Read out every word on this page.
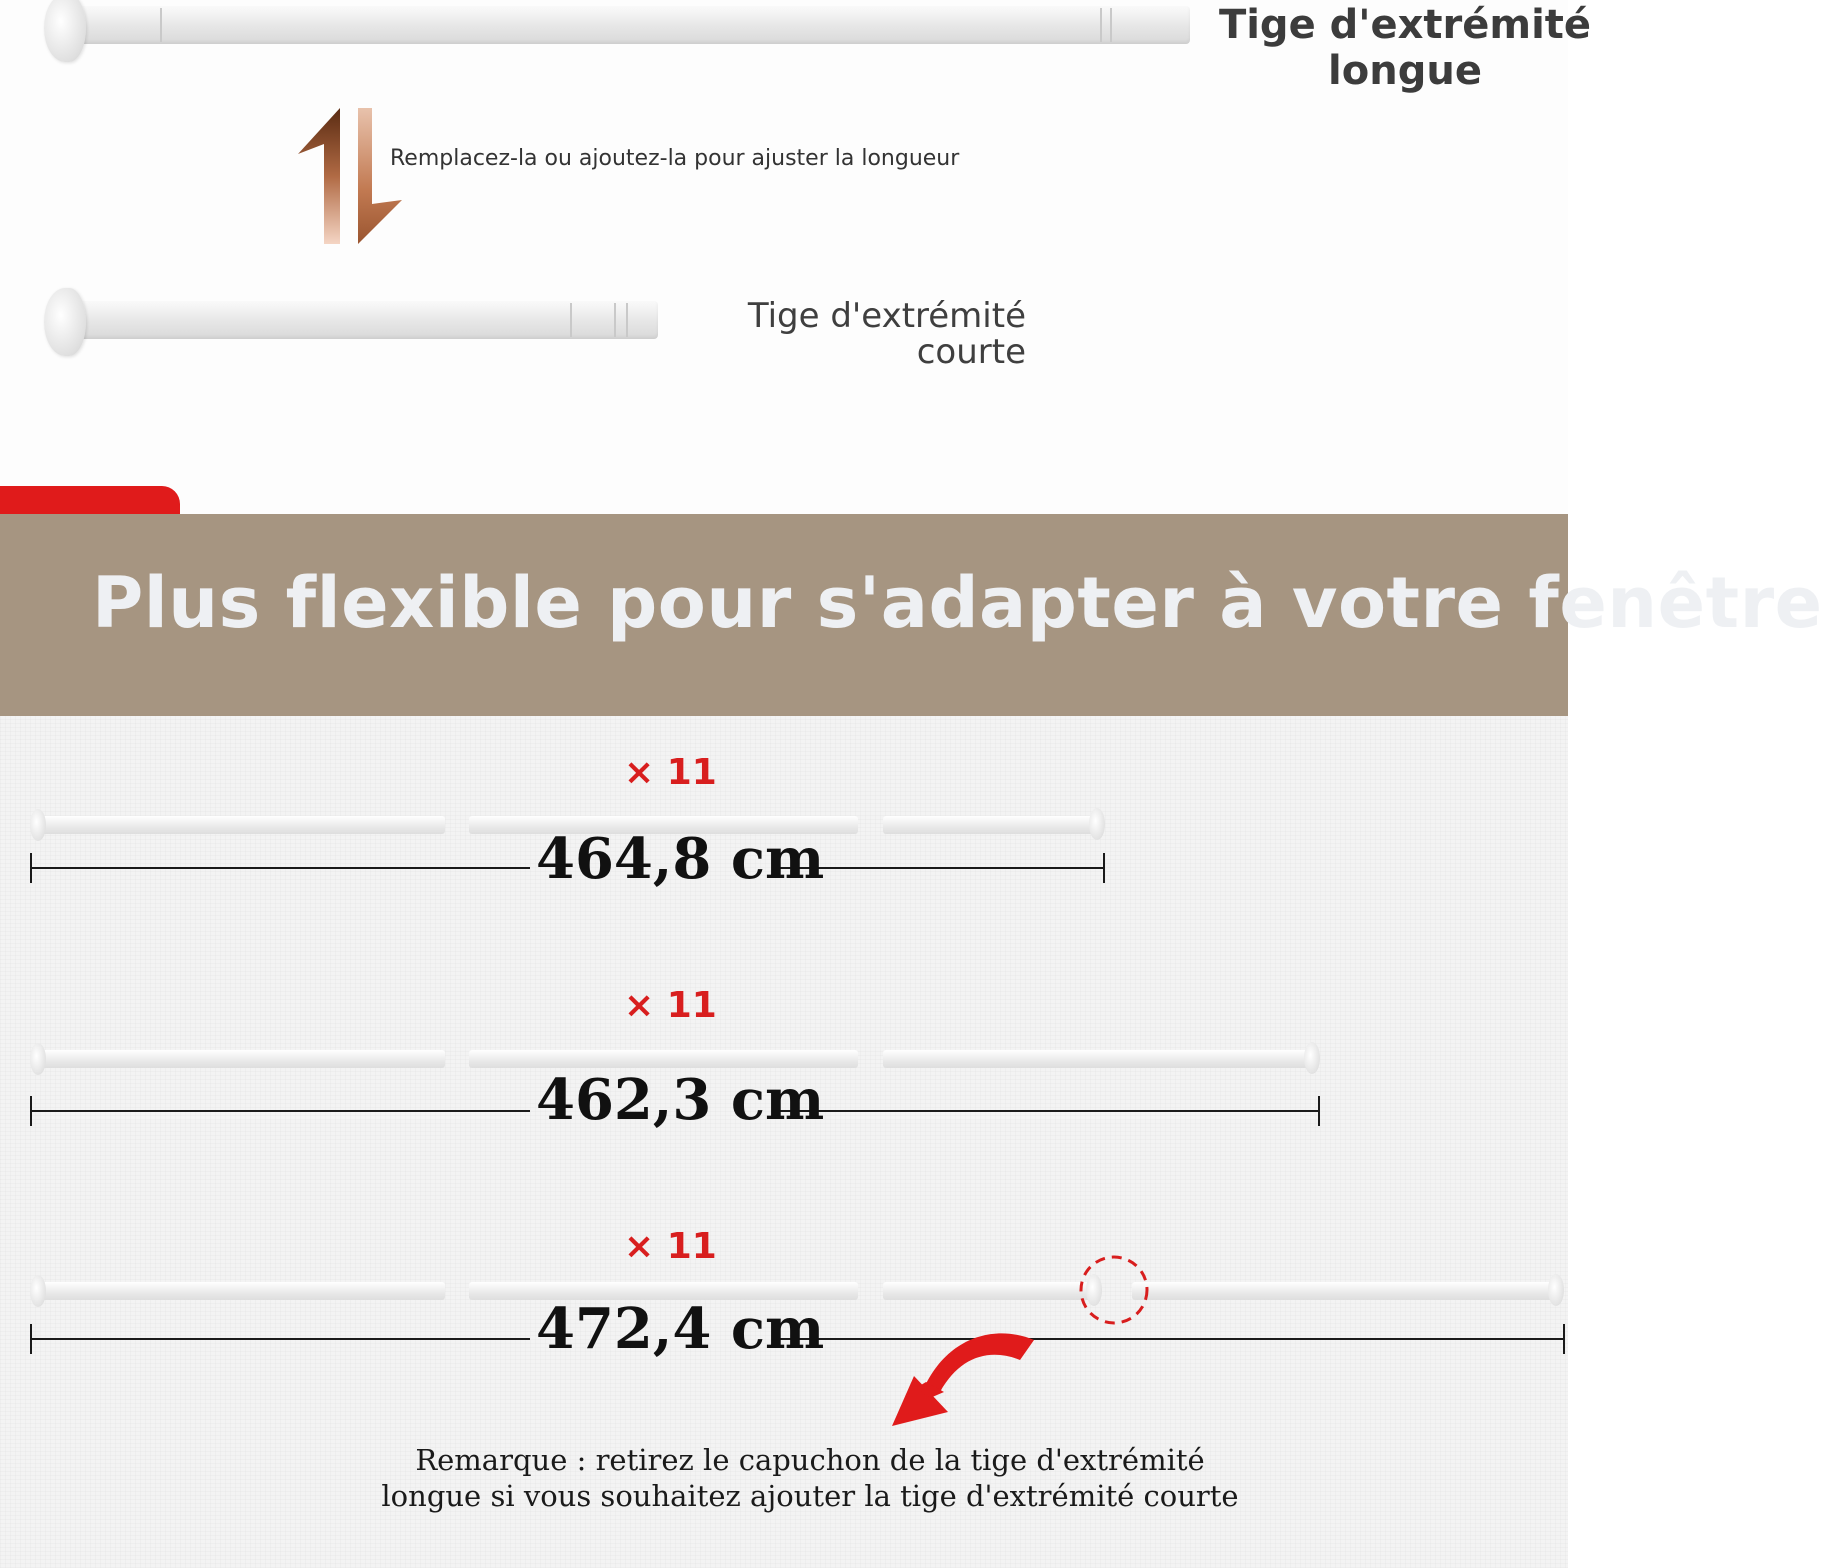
Tige d'extrémité
longue
Remplacez-la ou ajoutez-la pour ajuster la longueur
Tige d'extrémité
courte
Plus flexible pour s'adapter à votre fenêtre
× 11
464,8 cm
× 11
462,3 cm
× 11
472,4 cm
Remarque : retirez le capuchon de la tige d'extrémité
longue si vous souhaitez ajouter la tige d'extrémité courte
